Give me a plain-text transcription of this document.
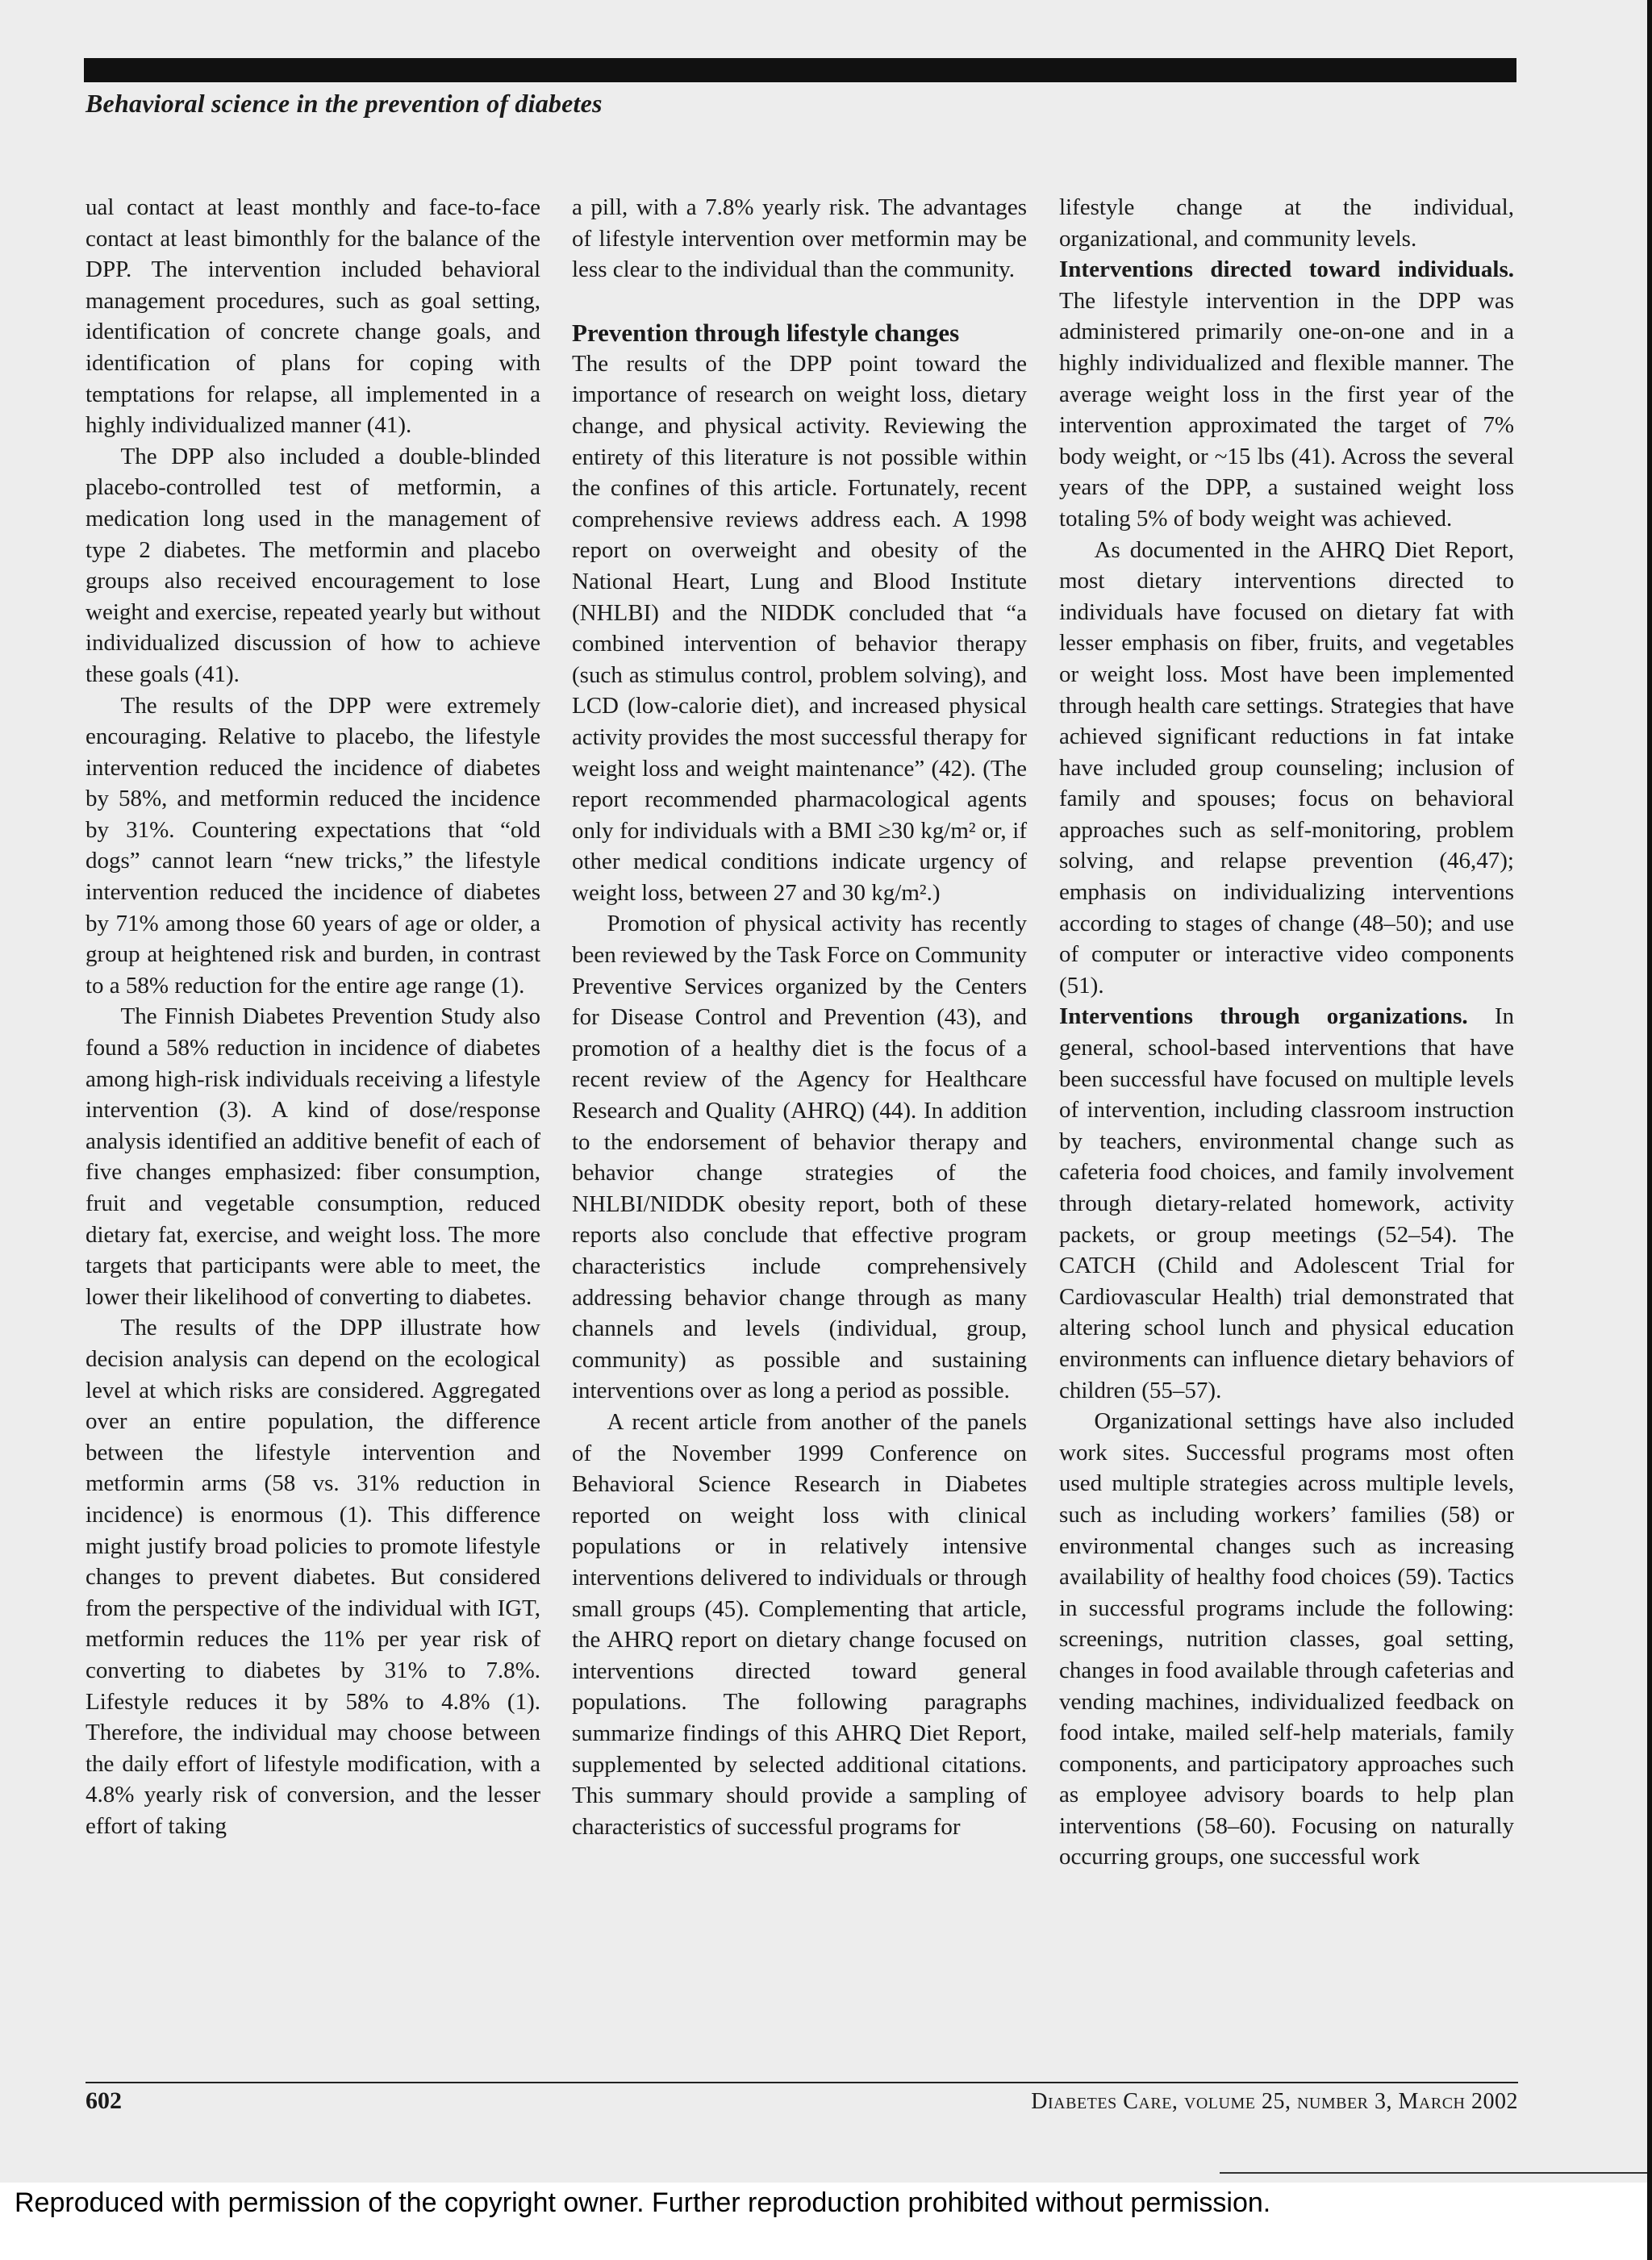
Behavioral science in the prevention of diabetes

ual contact at least monthly and face-to-face contact at least bimonthly for the balance of the DPP. The intervention included behavioral management procedures, such as goal setting, identification of concrete change goals, and identification of plans for coping with temptations for relapse, all implemented in a highly individualized manner (41).

The DPP also included a double-blinded placebo-controlled test of metformin, a medication long used in the management of type 2 diabetes. The metformin and placebo groups also received encouragement to lose weight and exercise, repeated yearly but without individualized discussion of how to achieve these goals (41).

The results of the DPP were extremely encouraging. Relative to placebo, the lifestyle intervention reduced the incidence of diabetes by 58%, and metformin reduced the incidence by 31%. Countering expectations that “old dogs” cannot learn “new tricks,” the lifestyle intervention reduced the incidence of diabetes by 71% among those 60 years of age or older, a group at heightened risk and burden, in contrast to a 58% reduction for the entire age range (1).

The Finnish Diabetes Prevention Study also found a 58% reduction in incidence of diabetes among high-risk individuals receiving a lifestyle intervention (3). A kind of dose/response analysis identified an additive benefit of each of five changes emphasized: fiber consumption, fruit and vegetable consumption, reduced dietary fat, exercise, and weight loss. The more targets that participants were able to meet, the lower their likelihood of converting to diabetes.

The results of the DPP illustrate how decision analysis can depend on the ecological level at which risks are considered. Aggregated over an entire population, the difference between the lifestyle intervention and metformin arms (58 vs. 31% reduction in incidence) is enormous (1). This difference might justify broad policies to promote lifestyle changes to prevent diabetes. But considered from the perspective of the individual with IGT, metformin reduces the 11% per year risk of converting to diabetes by 31% to 7.8%. Lifestyle reduces it by 58% to 4.8% (1). Therefore, the individual may choose between the daily effort of lifestyle modification, with a 4.8% yearly risk of conversion, and the lesser effort of taking

a pill, with a 7.8% yearly risk. The advantages of lifestyle intervention over metformin may be less clear to the individual than the community.

Prevention through lifestyle changes

The results of the DPP point toward the importance of research on weight loss, dietary change, and physical activity. Reviewing the entirety of this literature is not possible within the confines of this article. Fortunately, recent comprehensive reviews address each. A 1998 report on overweight and obesity of the National Heart, Lung and Blood Institute (NHLBI) and the NIDDK concluded that “a combined intervention of behavior therapy (such as stimulus control, problem solving), and LCD (low-calorie diet), and increased physical activity provides the most successful therapy for weight loss and weight maintenance” (42). (The report recommended pharmacological agents only for individuals with a BMI ≥30 kg/m² or, if other medical conditions indicate urgency of weight loss, between 27 and 30 kg/m².)

Promotion of physical activity has recently been reviewed by the Task Force on Community Preventive Services organized by the Centers for Disease Control and Prevention (43), and promotion of a healthy diet is the focus of a recent review of the Agency for Healthcare Research and Quality (AHRQ) (44). In addition to the endorsement of behavior therapy and behavior change strategies of the NHLBI/NIDDK obesity report, both of these reports also conclude that effective program characteristics include comprehensively addressing behavior change through as many channels and levels (individual, group, community) as possible and sustaining interventions over as long a period as possible.

A recent article from another of the panels of the November 1999 Conference on Behavioral Science Research in Diabetes reported on weight loss with clinical populations or in relatively intensive interventions delivered to individuals or through small groups (45). Complementing that article, the AHRQ report on dietary change focused on interventions directed toward general populations. The following paragraphs summarize findings of this AHRQ Diet Report, supplemented by selected additional citations. This summary should provide a sampling of characteristics of successful programs for

lifestyle change at the individual, organizational, and community levels.

Interventions directed toward individuals. The lifestyle intervention in the DPP was administered primarily one-on-one and in a highly individualized and flexible manner. The average weight loss in the first year of the intervention approximated the target of 7% body weight, or ~15 lbs (41). Across the several years of the DPP, a sustained weight loss totaling 5% of body weight was achieved.

As documented in the AHRQ Diet Report, most dietary interventions directed to individuals have focused on dietary fat with lesser emphasis on fiber, fruits, and vegetables or weight loss. Most have been implemented through health care settings. Strategies that have achieved significant reductions in fat intake have included group counseling; inclusion of family and spouses; focus on behavioral approaches such as self-monitoring, problem solving, and relapse prevention (46,47); emphasis on individualizing interventions according to stages of change (48–50); and use of computer or interactive video components (51).

Interventions through organizations. In general, school-based interventions that have been successful have focused on multiple levels of intervention, including classroom instruction by teachers, environmental change such as cafeteria food choices, and family involvement through dietary-related homework, activity packets, or group meetings (52–54). The CATCH (Child and Adolescent Trial for Cardiovascular Health) trial demonstrated that altering school lunch and physical education environments can influence dietary behaviors of children (55–57).

Organizational settings have also included work sites. Successful programs most often used multiple strategies across multiple levels, such as including workers’ families (58) or environmental changes such as increasing availability of healthy food choices (59). Tactics in successful programs include the following: screenings, nutrition classes, goal setting, changes in food available through cafeterias and vending machines, individualized feedback on food intake, mailed self-help materials, family components, and participatory approaches such as employee advisory boards to help plan interventions (58–60). Focusing on naturally occurring groups, one successful work

602	Diabetes Care, volume 25, number 3, March 2002
Reproduced with permission of the copyright owner. Further reproduction prohibited without permission.
